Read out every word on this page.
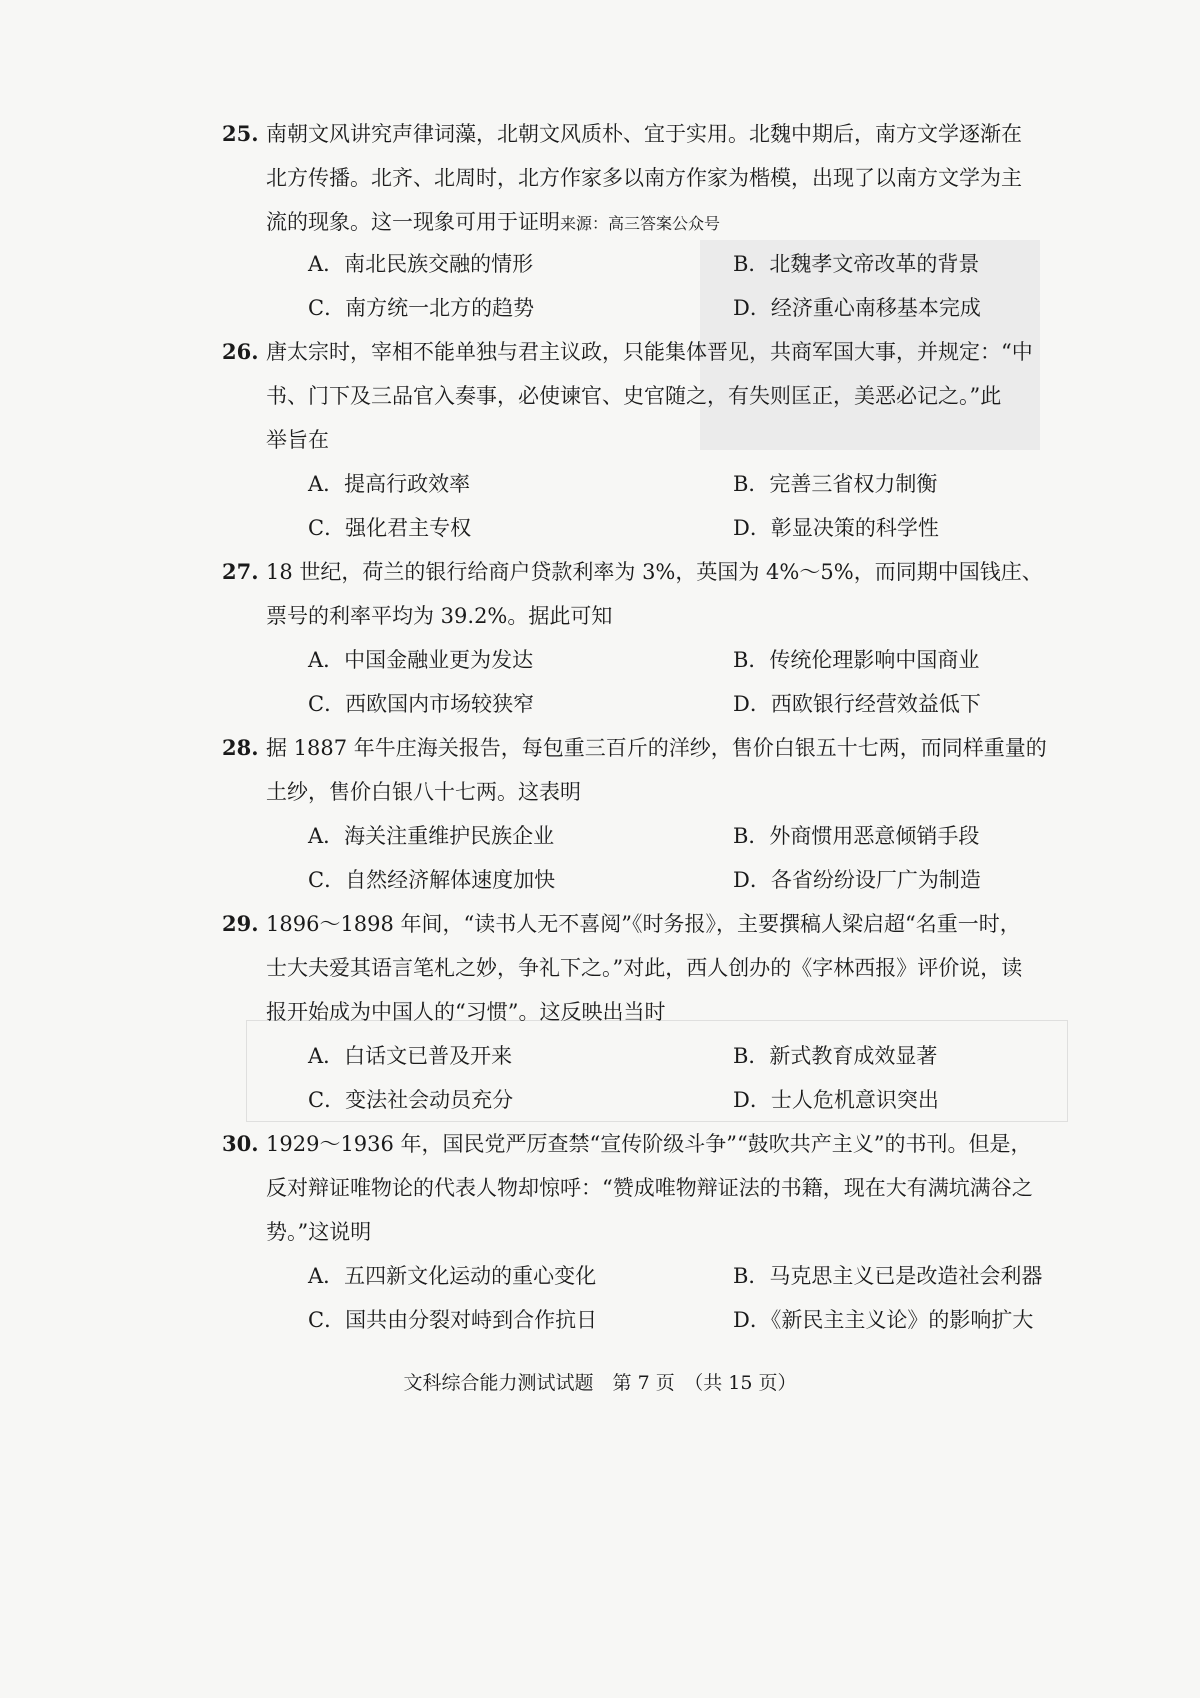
25. 南朝文风讲究声律词藻，北朝文风质朴、宜于实用。北魏中期后，南方文学逐渐在
北方传播。北齐、北周时，北方作家多以南方作家为楷模，出现了以南方文学为主
流的现象。这一现象可用于证明来源：高三答案公众号
A．南北民族交融的情形	B．北魏孝文帝改革的背景
C．南方统一北方的趋势	D．经济重心南移基本完成
26. 唐太宗时，宰相不能单独与君主议政，只能集体晋见，共商军国大事，并规定：“中
书、门下及三品官入奏事，必使谏官、史官随之，有失则匡正，美恶必记之。”此
举旨在
A．提高行政效率	B．完善三省权力制衡
C．强化君主专权	D．彰显决策的科学性
27. 18 世纪，荷兰的银行给商户贷款利率为 3%，英国为 4%～5%，而同期中国钱庄、
票号的利率平均为 39.2%。据此可知
A．中国金融业更为发达	B．传统伦理影响中国商业
C．西欧国内市场较狭窄	D．西欧银行经营效益低下
28. 据 1887 年牛庄海关报告，每包重三百斤的洋纱，售价白银五十七两，而同样重量的
土纱，售价白银八十七两。这表明
A．海关注重维护民族企业	B．外商惯用恶意倾销手段
C．自然经济解体速度加快	D．各省纷纷设厂广为制造
29. 1896～1898 年间，“读书人无不喜阅”《时务报》，主要撰稿人梁启超“名重一时，
士大夫爱其语言笔札之妙，争礼下之。”对此，西人创办的《字林西报》评价说，读
报开始成为中国人的“习惯”。这反映出当时
A．白话文已普及开来	B．新式教育成效显著
C．变法社会动员充分	D．士人危机意识突出
30. 1929～1936 年，国民党严厉查禁“宣传阶级斗争”“鼓吹共产主义”的书刊。但是，
反对辩证唯物论的代表人物却惊呼：“赞成唯物辩证法的书籍，现在大有满坑满谷之
势。”这说明
A．五四新文化运动的重心变化	B．马克思主义已是改造社会利器
C．国共由分裂对峙到合作抗日	D．《新民主主义论》的影响扩大
文科综合能力测试试题　第 7 页　（共 15 页）
